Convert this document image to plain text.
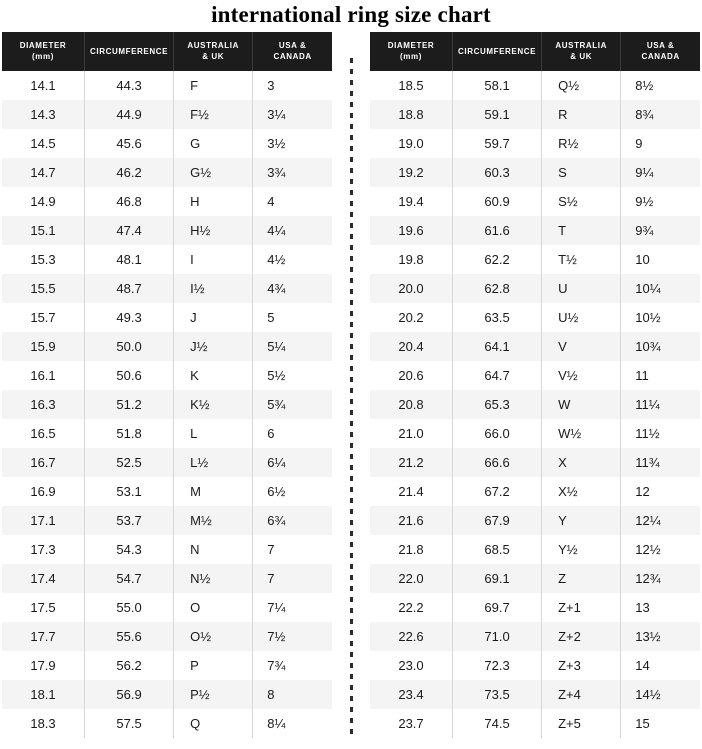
international ring size chart
DIAMETER
(mm)	CIRCUMFERENCE	AUSTRALIA
& UK	USA &
CANADA
14.1	44.3	F	3
14.3	44.9	F½	3¼
14.5	45.6	G	3½
14.7	46.2	G½	3¾
14.9	46.8	H	4
15.1	47.4	H½	4¼
15.3	48.1	I	4½
15.5	48.7	I½	4¾
15.7	49.3	J	5
15.9	50.0	J½	5¼
16.1	50.6	K	5½
16.3	51.2	K½	5¾
16.5	51.8	L	6
16.7	52.5	L½	6¼
16.9	53.1	M	6½
17.1	53.7	M½	6¾
17.3	54.3	N	7
17.4	54.7	N½	7
17.5	55.0	O	7¼
17.7	55.6	O½	7½
17.9	56.2	P	7¾
18.1	56.9	P½	8
18.3	57.5	Q	8¼
DIAMETER
(mm)	CIRCUMFERENCE	AUSTRALIA
& UK	USA &
CANADA
18.5	58.1	Q½	8½
18.8	59.1	R	8¾
19.0	59.7	R½	9
19.2	60.3	S	9¼
19.4	60.9	S½	9½
19.6	61.6	T	9¾
19.8	62.2	T½	10
20.0	62.8	U	10¼
20.2	63.5	U½	10½
20.4	64.1	V	10¾
20.6	64.7	V½	11
20.8	65.3	W	11¼
21.0	66.0	W½	11½
21.2	66.6	X	11¾
21.4	67.2	X½	12
21.6	67.9	Y	12¼
21.8	68.5	Y½	12½
22.0	69.1	Z	12¾
22.2	69.7	Z+1	13
22.6	71.0	Z+2	13½
23.0	72.3	Z+3	14
23.4	73.5	Z+4	14½
23.7	74.5	Z+5	15
